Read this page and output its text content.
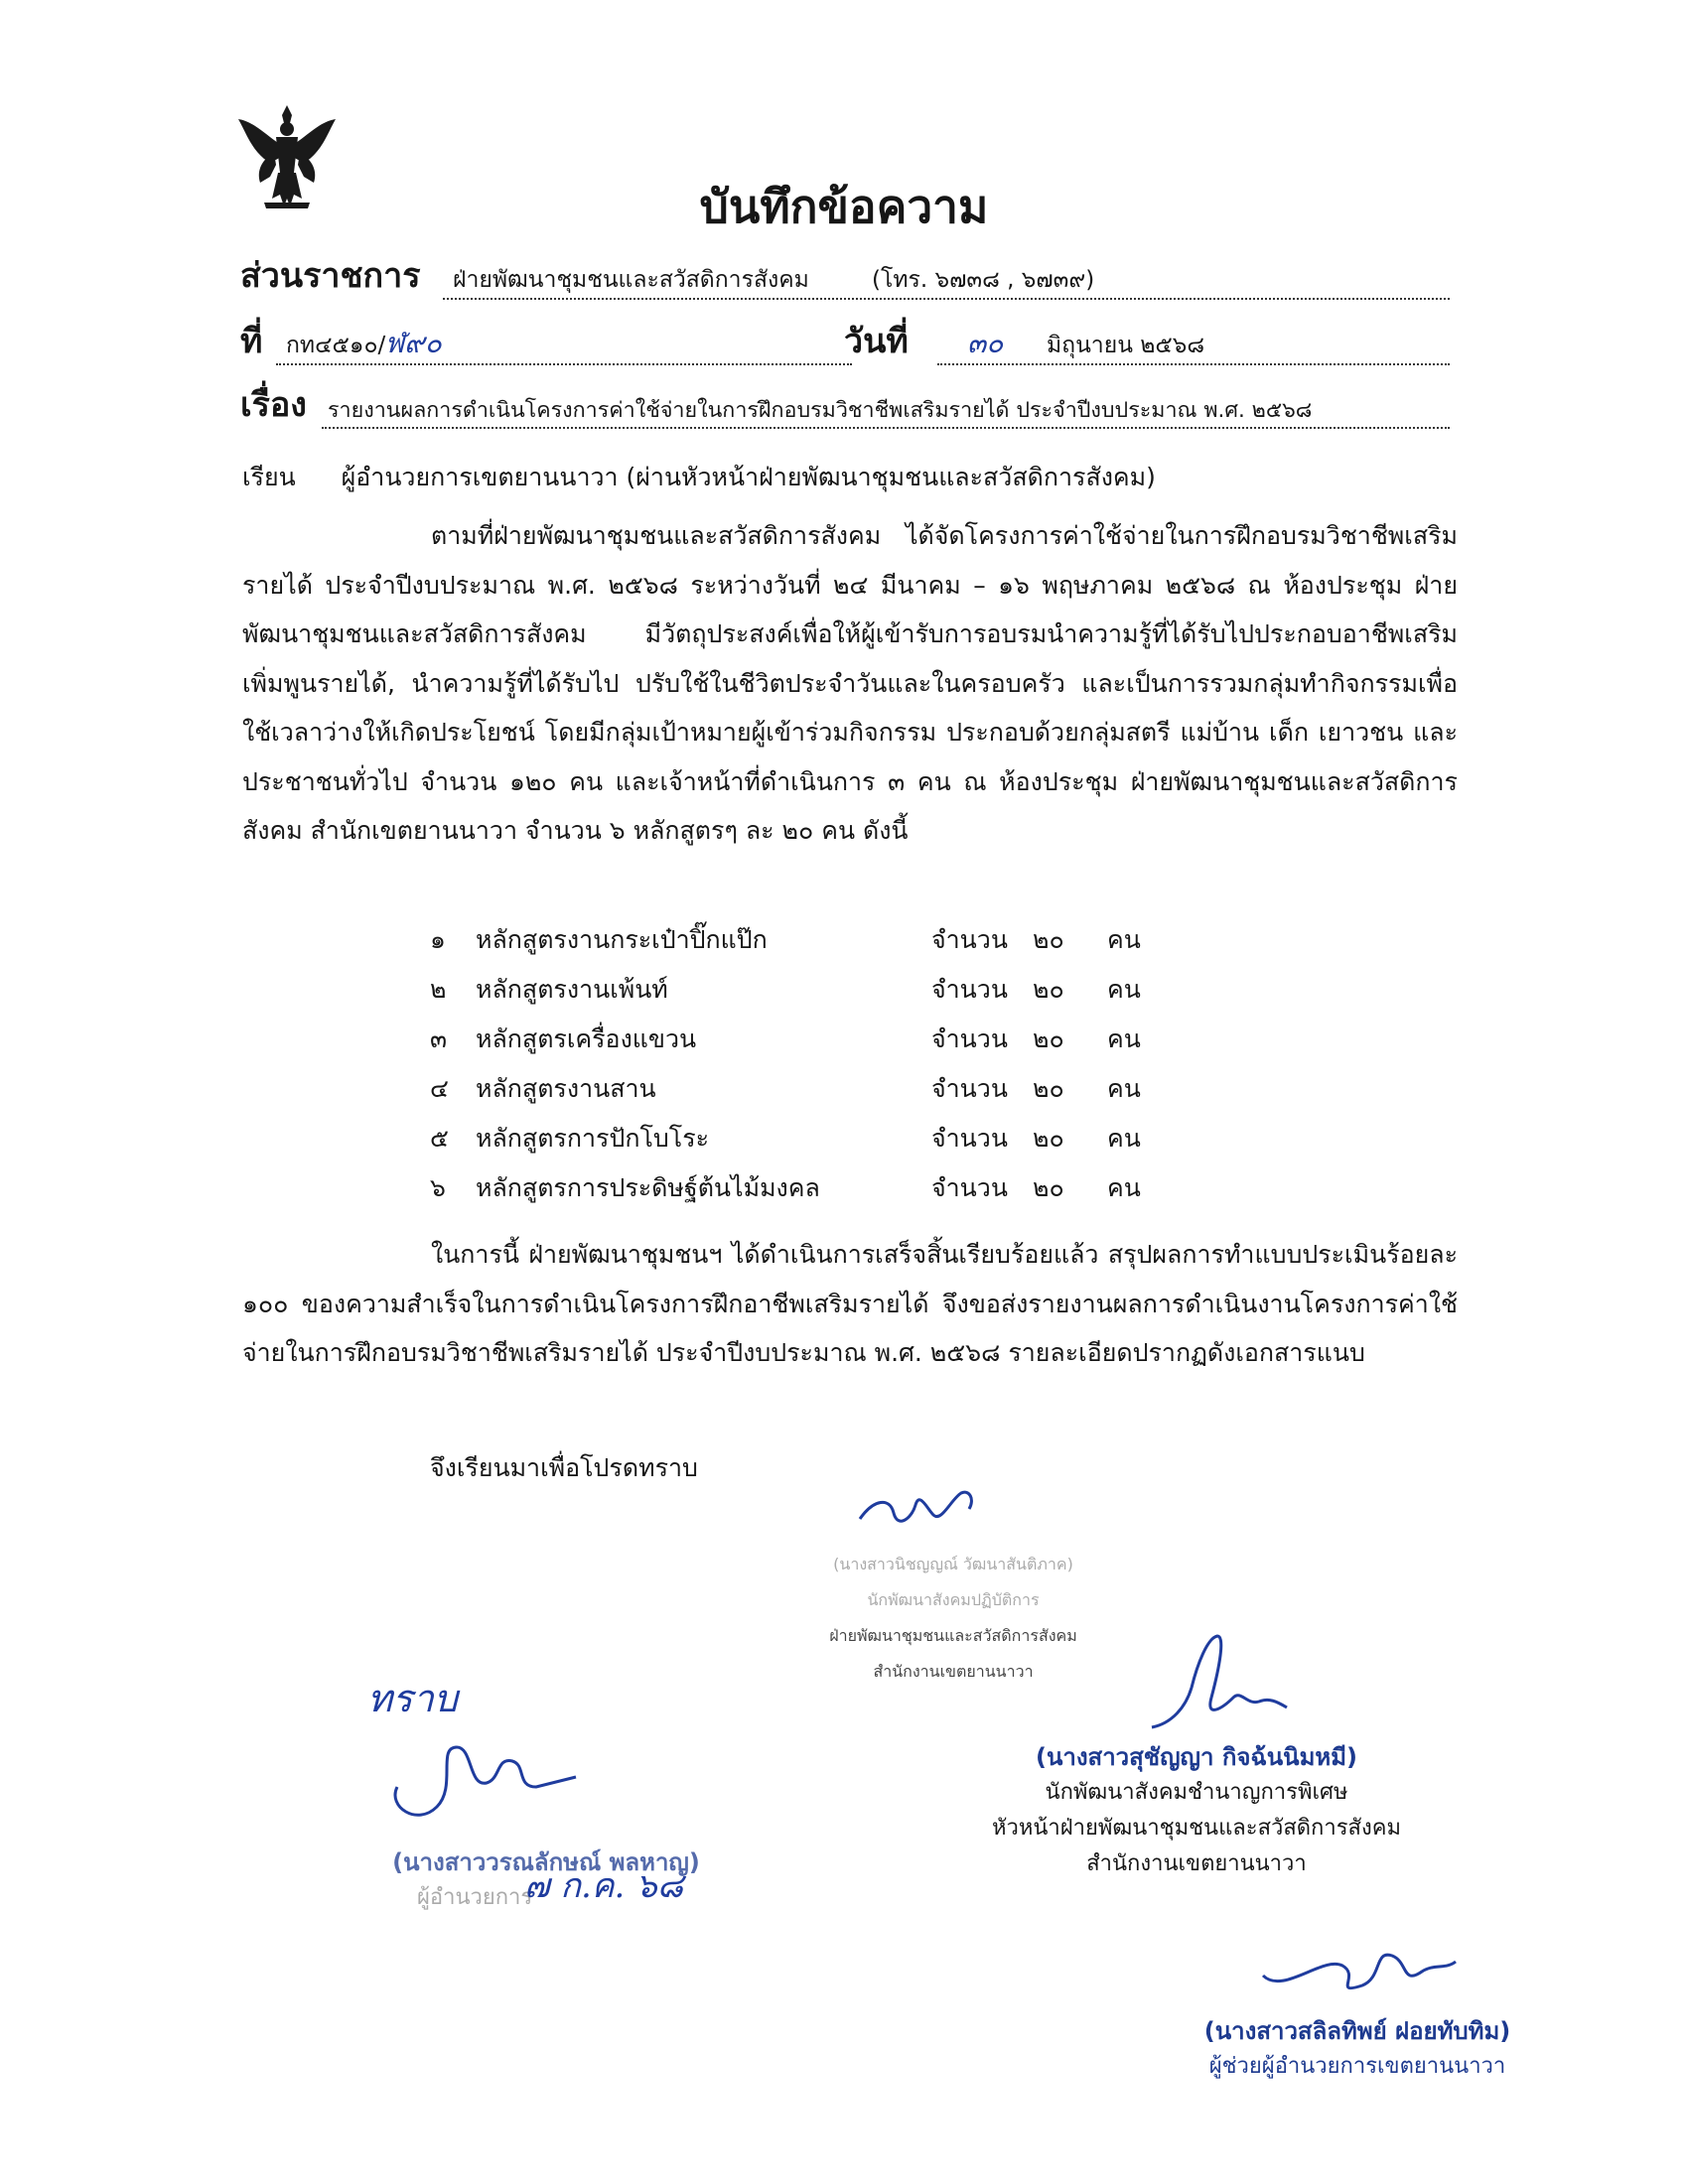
บันทึกข้อความ
ส่วนราชการ ฝ่ายพัฒนาชุมชนและสวัสดิการสังคม	(โทร. ๖๗๓๘ , ๖๗๓๙)
ที่ กท๔๕๑๐/ ฬ๙๐	วันที่ ๓๐ มิถุนายน ๒๕๖๘
เรื่อง รายงานผลการดำเนินโครงการค่าใช้จ่ายในการฝึกอบรมวิชาชีพเสริมรายได้ ประจำปีงบประมาณ พ.ศ. ๒๕๖๘
เรียน ผู้อำนวยการเขตยานนาวา (ผ่านหัวหน้าฝ่ายพัฒนาชุมชนและสวัสดิการสังคม)
ตามที่ฝ่ายพัฒนาชุมชนและสวัสดิการสังคม ได้จัดโครงการค่าใช้จ่ายในการฝึกอบรมวิชาชีพเสริมรายได้ ประจำปีงบประมาณ พ.ศ. ๒๕๖๘ ระหว่างวันที่ ๒๔ มีนาคม – ๑๖ พฤษภาคม ๒๕๖๘ ณ ห้องประชุม ฝ่ายพัฒนาชุมชนและสวัสดิการสังคม มีวัตถุประสงค์เพื่อให้ผู้เข้ารับการอบรมนำความรู้ที่ได้รับไปประกอบอาชีพเสริมเพิ่มพูนรายได้, นำความรู้ที่ได้รับไป ปรับใช้ในชีวิตประจำวันและในครอบครัว และเป็นการรวมกลุ่มทำกิจกรรมเพื่อใช้เวลาว่างให้เกิดประโยชน์ โดยมีกลุ่มเป้าหมายผู้เข้าร่วมกิจกรรม ประกอบด้วยกลุ่มสตรี แม่บ้าน เด็ก เยาวชน และประชาชนทั่วไป จำนวน ๑๒๐ คน และเจ้าหน้าที่ดำเนินการ ๓ คน ณ ห้องประชุม ฝ่ายพัฒนาชุมชนและสวัสดิการสังคม สำนักเขตยานนาวา จำนวน ๖ หลักสูตรๆ ละ ๒๐ คน ดังนี้
๑ หลักสูตรงานกระเป๋าปิ๊กแป๊ก	จำนวน ๒๐ คน
๒ หลักสูตรงานเพ้นท์	จำนวน ๒๐ คน
๓ หลักสูตรเครื่องแขวน	จำนวน ๒๐ คน
๔ หลักสูตรงานสาน	จำนวน ๒๐ คน
๕ หลักสูตรการปักโบโระ	จำนวน ๒๐ คน
๖ หลักสูตรการประดิษฐ์ต้นไม้มงคล	จำนวน ๒๐ คน
ในการนี้ ฝ่ายพัฒนาชุมชนฯ ได้ดำเนินการเสร็จสิ้นเรียบร้อยแล้ว สรุปผลการทำแบบประเมินร้อยละ ๑๐๐ ของความสำเร็จในการดำเนินโครงการฝึกอาชีพเสริมรายได้ จึงขอส่งรายงานผลการดำเนินงานโครงการค่าใช้จ่ายในการฝึกอบรมวิชาชีพเสริมรายได้ ประจำปีงบประมาณ พ.ศ. ๒๕๖๘ รายละเอียดปรากฏดังเอกสารแนบ
จึงเรียนมาเพื่อโปรดทราบ
(นางสาวนิชญญณ์ วัฒนาสันติภาค)
นักพัฒนาสังคมปฏิบัติการ
ฝ่ายพัฒนาชุมชนและสวัสดิการสังคม
สำนักงานเขตยานนาวา
(นางสาวสุชัญญา กิจฉ้นนิมหมี)
นักพัฒนาสังคมชำนาญการพิเศษ
หัวหน้าฝ่ายพัฒนาชุมชนและสวัสดิการสังคม
สำนักงานเขตยานนาวา
ทราบ
(นางสาววรณลักษณ์ พลหาญ)
ผู้อำนวยการ
๗ ก.ค. ๖๘
(นางสาวสลิลทิพย์ ฝอยทับทิม)
ผู้ช่วยผู้อำนวยการเขตยานนาวา
